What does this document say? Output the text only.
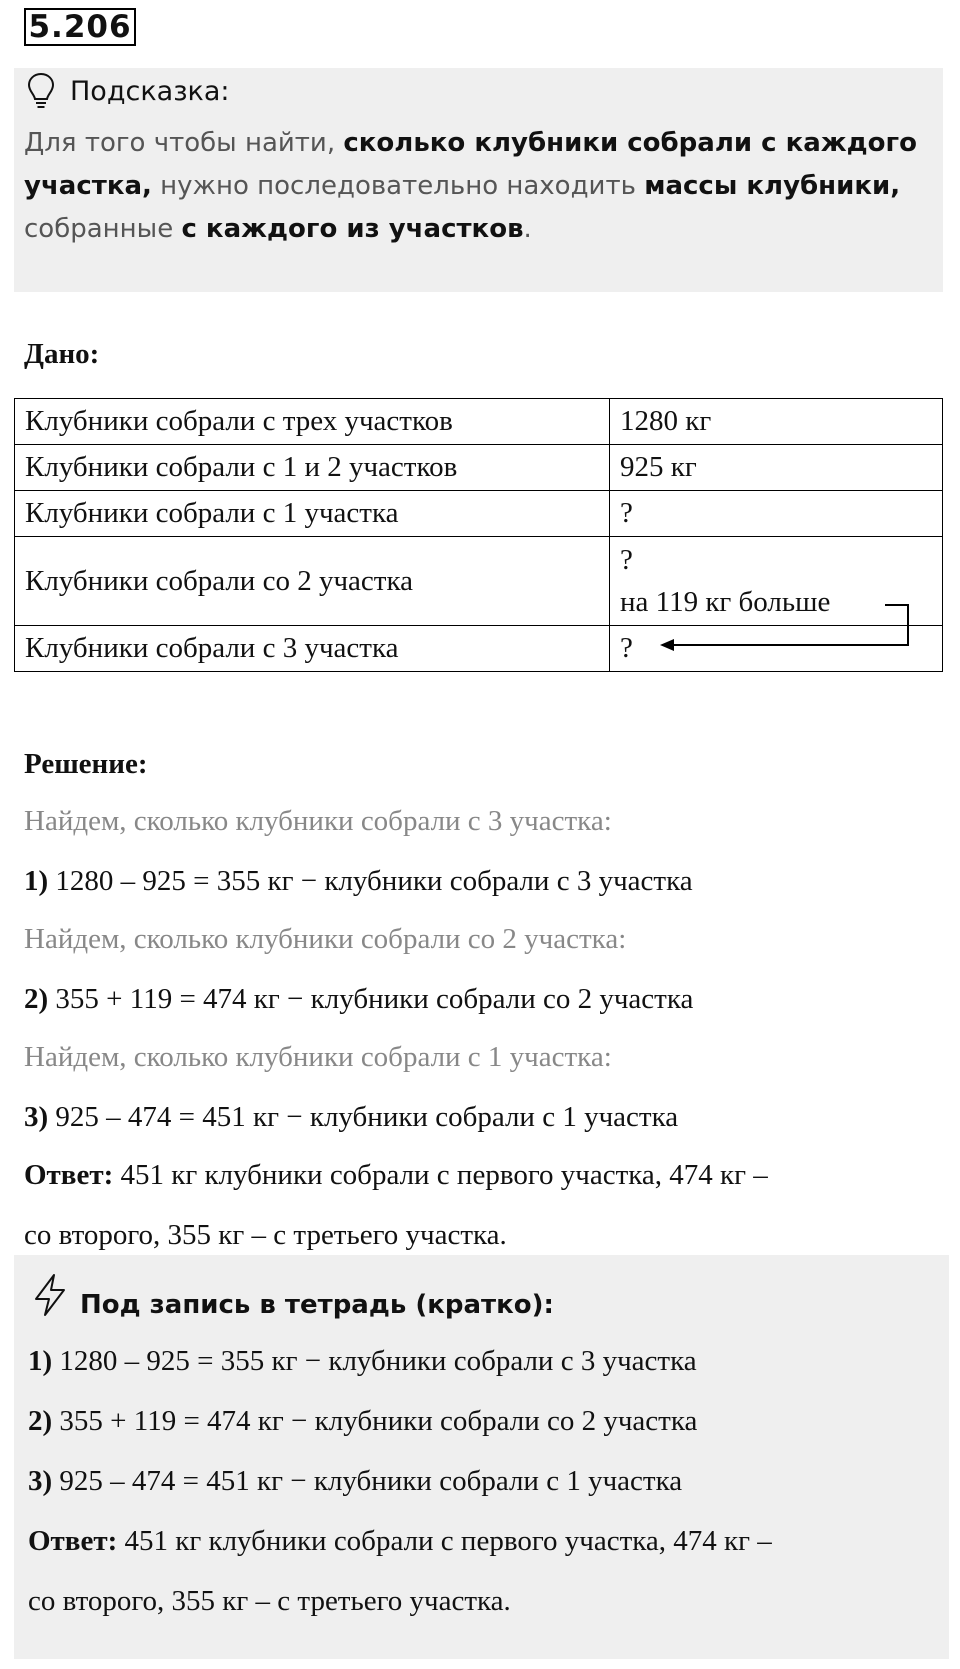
5.206
Подсказка:
Для того чтобы найти, сколько клубники собрали с каждого участка, нужно последовательно находить массы клубники, собранные с каждого из участков.
Дано:
Клубники собрали с трех участков	1280 кг
Клубники собрали с 1 и 2 участков	925 кг
Клубники собрали с 1 участка	?
Клубники собрали со 2 участка	?
на 119 кг больше

Клубники собрали с 3 участка	?
Решение:
Найдем, сколько клубники собрали с 3 участка:
1) 1280 – 925 = 355 кг − клубники собрали с 3 участка
Найдем, сколько клубники собрали со 2 участка:
2) 355 + 119 = 474 кг − клубники собрали со 2 участка
Найдем, сколько клубники собрали с 1 участка:
3) 925 – 474 = 451 кг − клубники собрали с 1 участка
Ответ: 451 кг клубники собрали с первого участка, 474 кг –
со второго, 355 кг – с третьего участка.
Под запись в тетрадь (кратко):
1) 1280 – 925 = 355 кг − клубники собрали с 3 участка
2) 355 + 119 = 474 кг − клубники собрали со 2 участка
3) 925 – 474 = 451 кг − клубники собрали с 1 участка
Ответ: 451 кг клубники собрали с первого участка, 474 кг –
со второго, 355 кг – с третьего участка.
